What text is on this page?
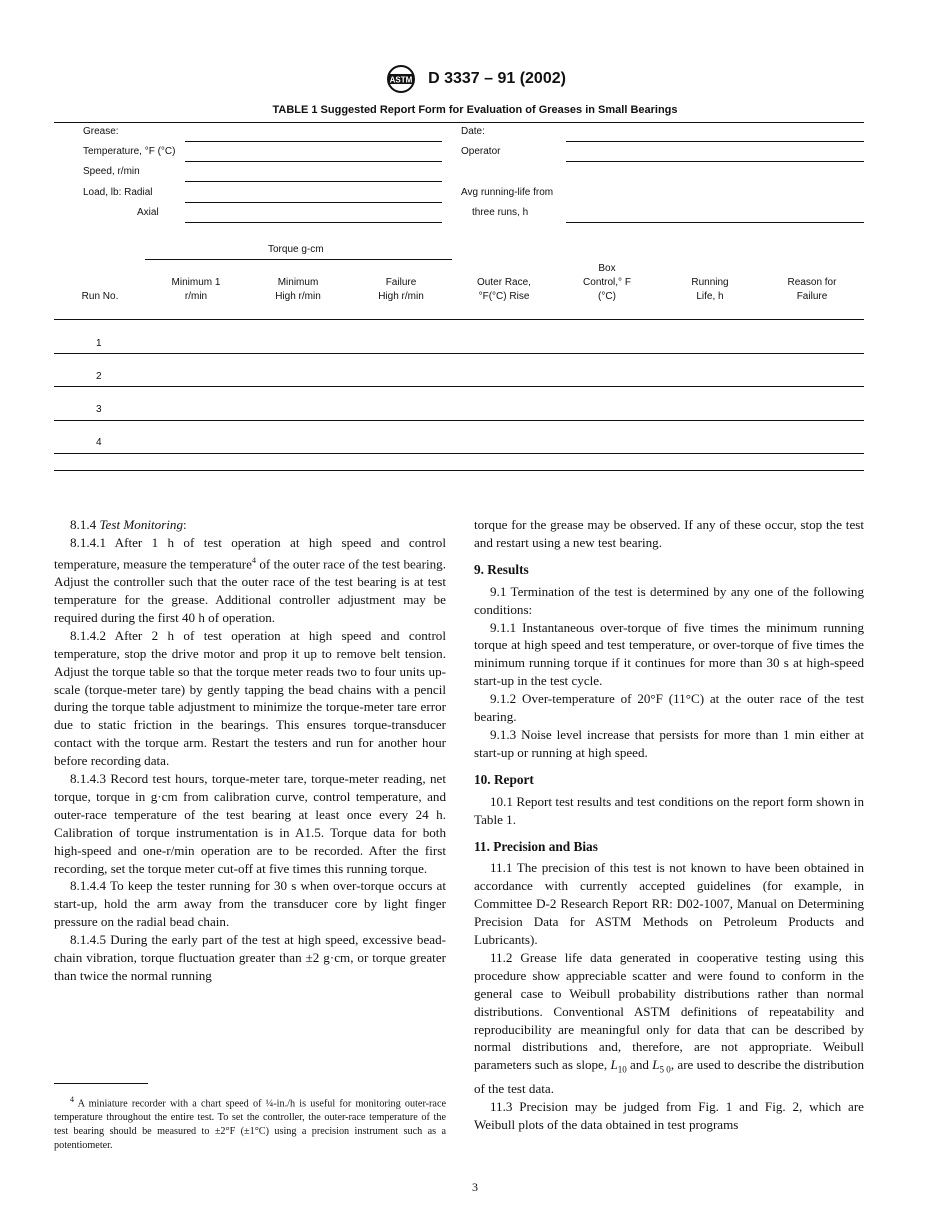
ASTM D 3337 – 91 (2002)
TABLE 1 Suggested Report Form for Evaluation of Greases in Small Bearings
Grease:
Temperature, °F (°C)
Speed, r/min
Load, lb: Radial
Axial
Date:
Operator
Avg running-life from
three runs, h
Torque g-cm
Run No.
Minimum 1
r/min
Minimum
High r/min
Failure
High r/min
Outer Race,
°F(°C) Rise
Box
Control,° F
(°C)
Running
Life, h
Reason for
Failure
1
2
3
4

8.1.4 Test Monitoring:

8.1.4.1 After 1 h of test operation at high speed and control temperature, measure the temperature$^4$ of the outer race of the test bearing. Adjust the controller such that the outer race of the test bearing is at test temperature for the grease. Additional controller adjustment may be required during the first 40 h of operation.

8.1.4.2 After 2 h of test operation at high speed and control temperature, stop the drive motor and prop it up to remove belt tension. Adjust the torque table so that the torque meter reads two to four units up-scale (torque-meter tare) by gently tapping the bead chains with a pencil during the torque table adjustment to minimize the torque-meter tare error due to static friction in the bearings. This ensures torque-transducer contact with the torque arm. Restart the testers and run for another hour before recording data.

8.1.4.3 Record test hours, torque-meter tare, torque-meter reading, net torque, torque in g·cm from calibration curve, control temperature, and outer-race temperature of the test bearing at least once every 24 h. Calibration of torque instrumentation is in A1.5. Torque data for both high-speed and one-r/min operation are to be recorded. After the first recording, set the torque meter cut-off at five times this running torque.

8.1.4.4 To keep the tester running for 30 s when over-torque occurs at start-up, hold the arm away from the transducer core by light finger pressure on the radial bead chain.

8.1.4.5 During the early part of the test at high speed, excessive bead-chain vibration, torque fluctuation greater than ±2 g·cm, or torque greater than twice the normal running

$^4$ A miniature recorder with a chart speed of ¼-in./h is useful for monitoring outer-race temperature throughout the entire test. To set the controller, the outer-race temperature of the test bearing should be measured to ±2°F (±1°C) using a precision instrument such as a potentiometer.

torque for the grease may be observed. If any of these occur, stop the test and restart using a new test bearing.

9. Results

9.1 Termination of the test is determined by any one of the following conditions:

9.1.1 Instantaneous over-torque of five times the minimum running torque at high speed and test temperature, or over-torque of five times the minimum running torque if it continues for more than 30 s at high-speed start-up in the test cycle.

9.1.2 Over-temperature of 20°F (11°C) at the outer race of the test bearing.

9.1.3 Noise level increase that persists for more than 1 min either at start-up or running at high speed.

10. Report

10.1 Report test results and test conditions on the report form shown in Table 1.

11. Precision and Bias

11.1 The precision of this test is not known to have been obtained in accordance with currently accepted guidelines (for example, in Committee D-2 Research Report RR: D02-1007, Manual on Determining Precision Data for ASTM Methods on Petroleum Products and Lubricants).

11.2 Grease life data generated in cooperative testing using this procedure show appreciable scatter and were found to conform in the general case to Weibull probability distributions rather than normal distributions. Conventional ASTM definitions of repeatability and reproducibility are meaningful only for data that can be described by normal distributions and, therefore, are not appropriate. Weibull parameters such as slope, $L_{10}$ and $L_{5 0}$, are used to describe the distribution of the test data.

11.3 Precision may be judged from Fig. 1 and Fig. 2, which are Weibull plots of the data obtained in test programs

3
